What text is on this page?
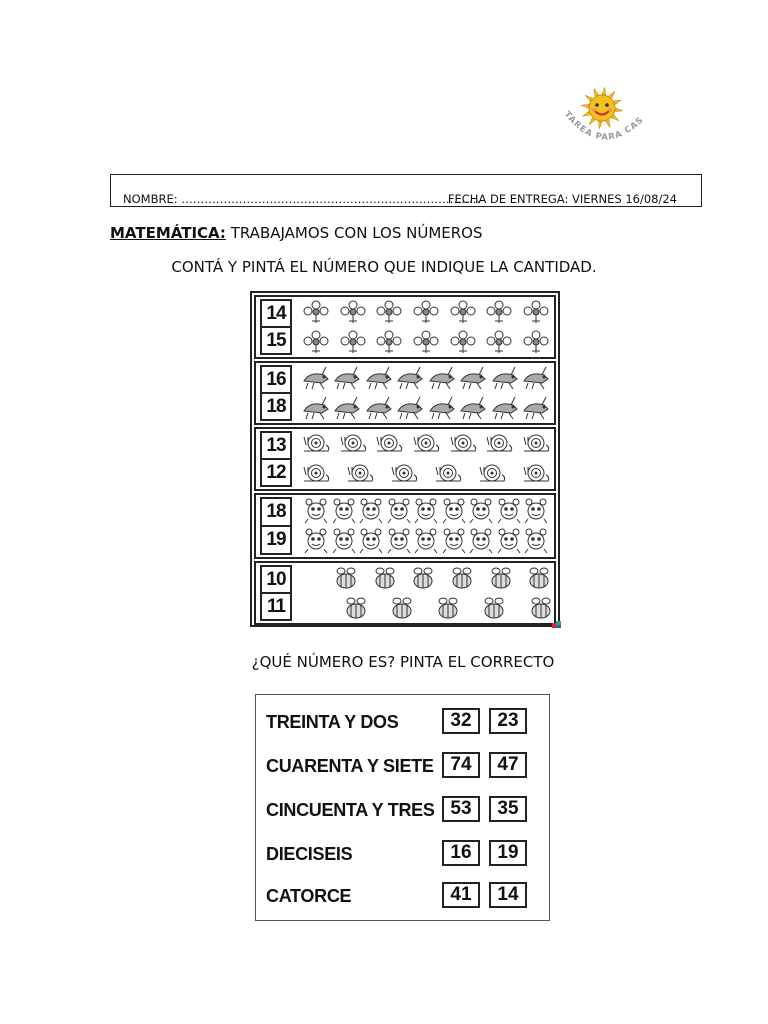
TAREA PARA CAS
NOMBRE: ……………………………………………………………………
FECHA DE ENTREGA: VIERNES 16/08/24
MATEMÁTICA: TRABAJAMOS CON LOS NÚMEROS
CONTÁ Y PINTÁ EL NÚMERO QUE INDIQUE LA CANTIDAD.
14
15
16
18
13
12
18
19
10
11
¿QUÉ NÚMERO ES? PINTA EL CORRECTO
TREINTA Y DOS	32	23
CUARENTA Y SIETE 74	47
CINCUENTA Y TRES 53	35
DIECISEIS	16	19
CATORCE	41	14
